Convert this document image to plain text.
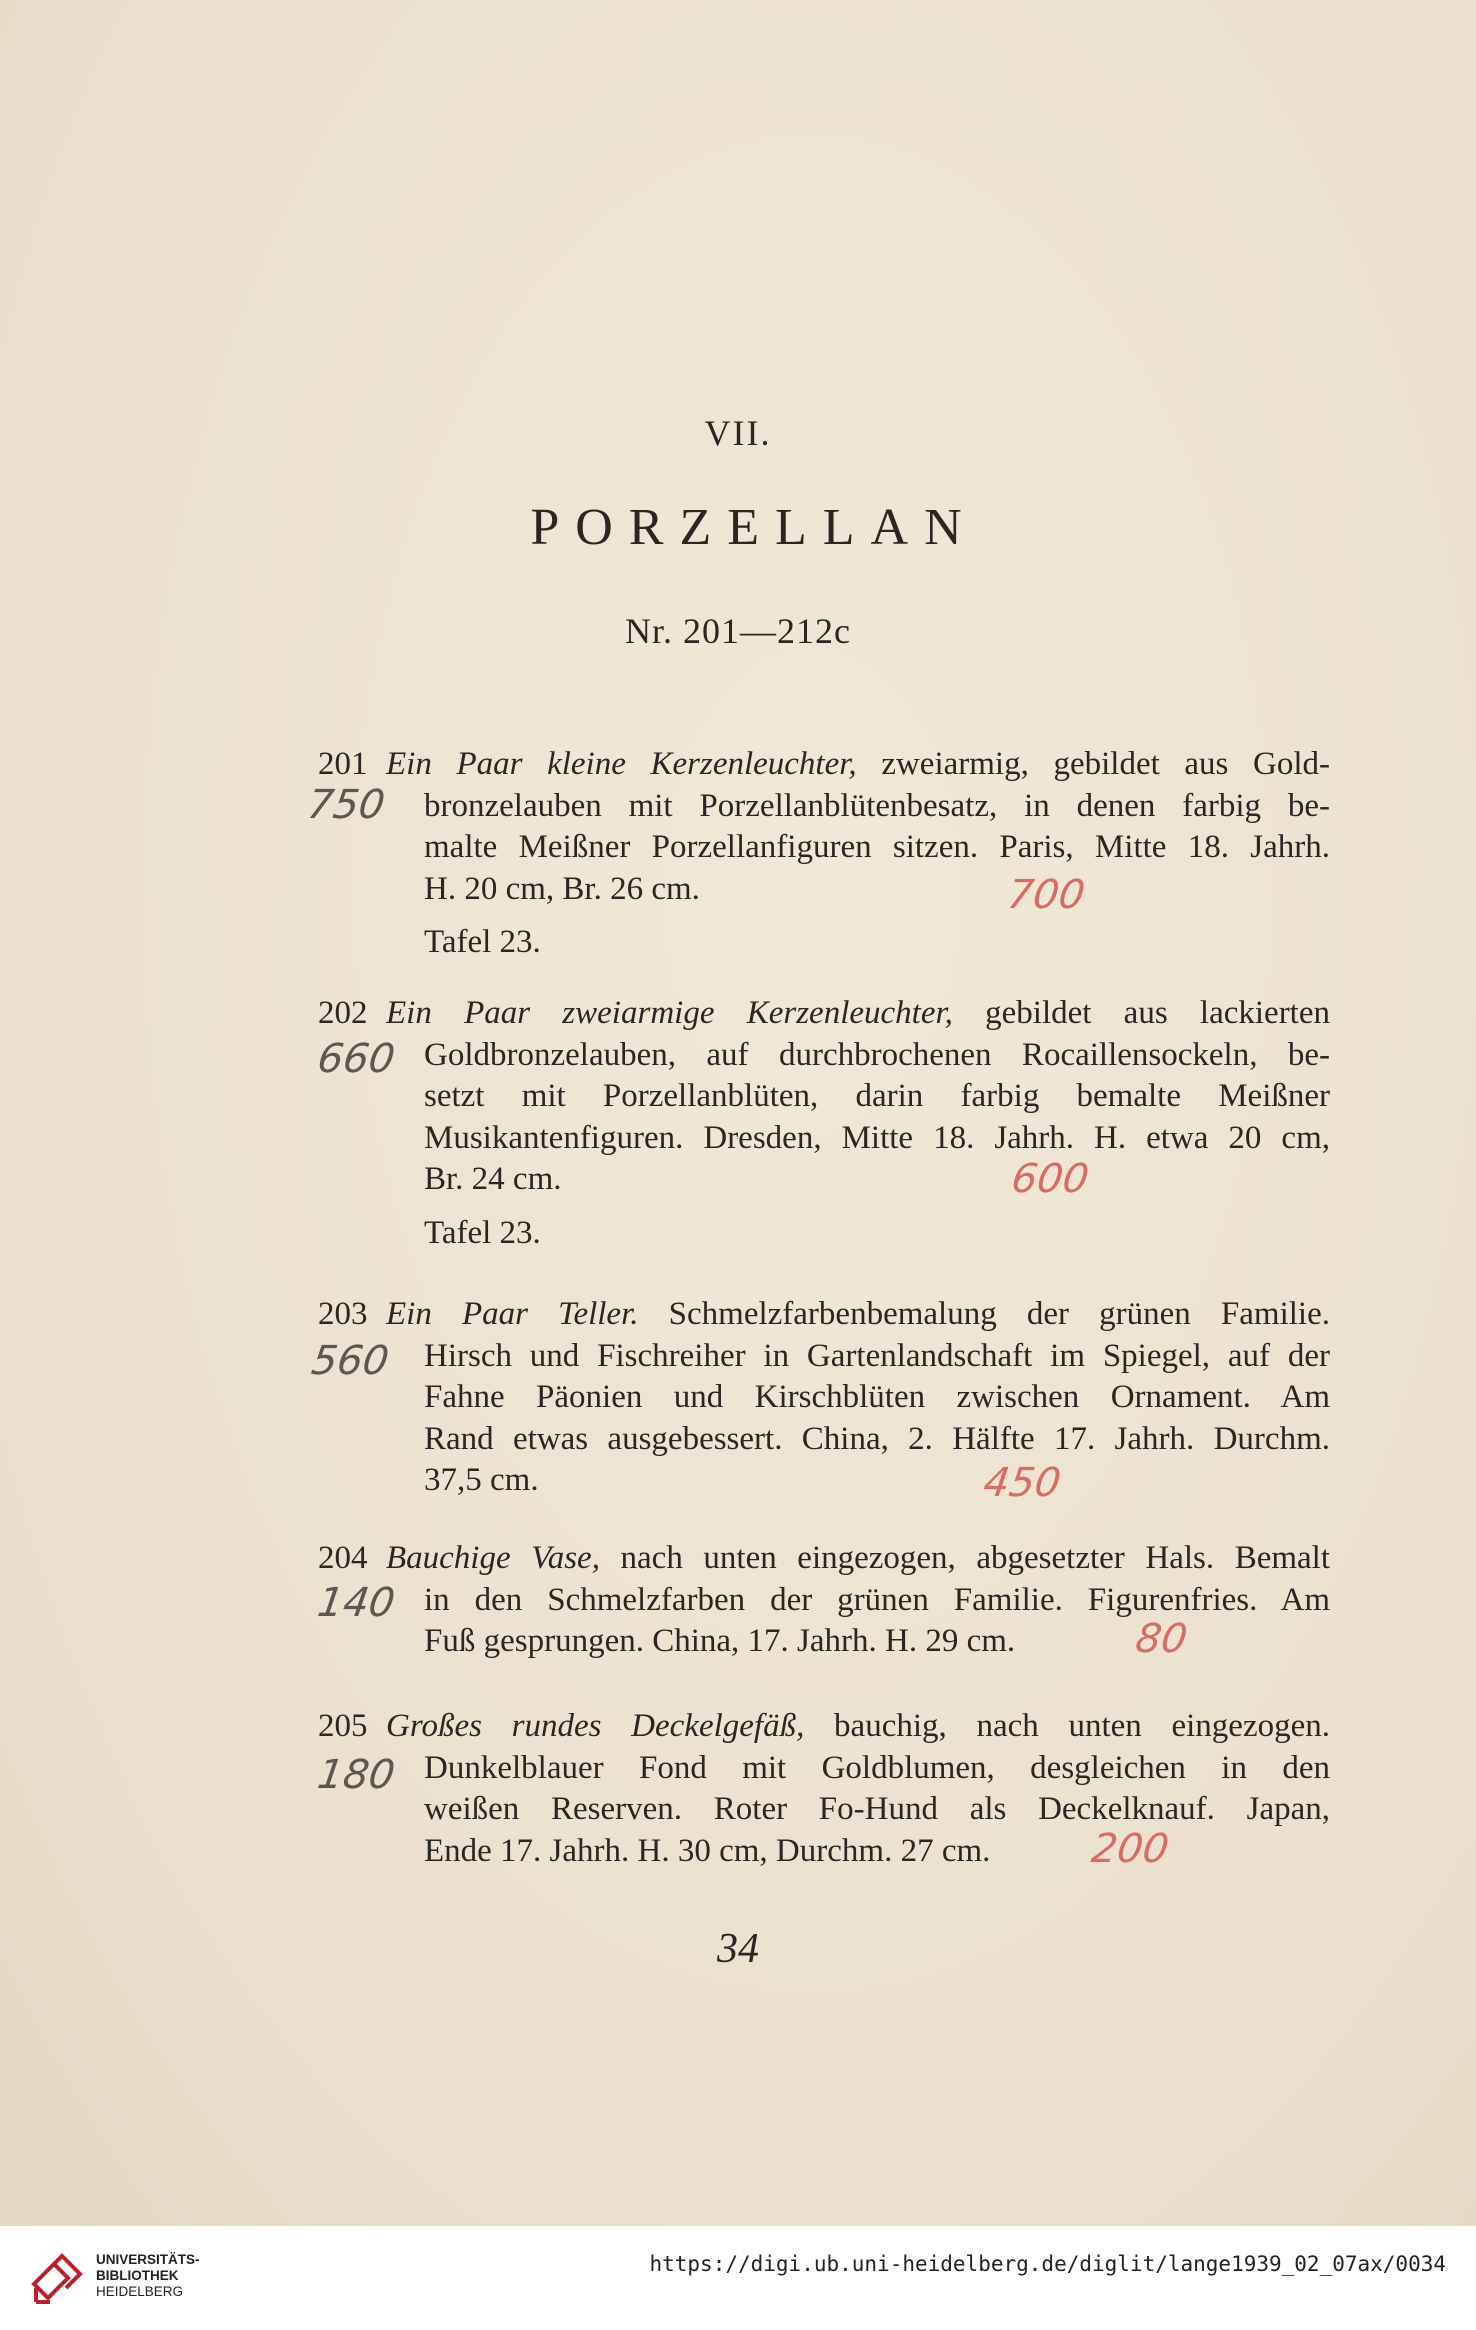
VII.
PORZELLAN
Nr. 201—212c
201 Ein Paar kleine Kerzenleuchter, zweiarmig, gebildet aus Gold-
bronzelauben mit Porzellanblütenbesatz, in denen farbig be-
malte Meißner Porzellanfiguren sitzen. Paris, Mitte 18. Jahrh.
H. 20 cm, Br. 26 cm.
Tafel 23.
750
700
202 Ein Paar zweiarmige Kerzenleuchter, gebildet aus lackierten
Goldbronzelauben, auf durchbrochenen Rocaillensockeln, be-
setzt mit Porzellanblüten, darin farbig bemalte Meißner
Musikantenfiguren. Dresden, Mitte 18. Jahrh. H. etwa 20 cm,
Br. 24 cm.
Tafel 23.
660
600
203 Ein Paar Teller. Schmelzfarbenbemalung der grünen Familie.
Hirsch und Fischreiher in Gartenlandschaft im Spiegel, auf der
Fahne Päonien und Kirschblüten zwischen Ornament. Am
Rand etwas ausgebessert. China, 2. Hälfte 17. Jahrh. Durchm.
37,5 cm.
560
450
204 Bauchige Vase, nach unten eingezogen, abgesetzter Hals. Bemalt
in den Schmelzfarben der grünen Familie. Figurenfries. Am
Fuß gesprungen. China, 17. Jahrh. H. 29 cm.
140
80
205 Großes rundes Deckelgefäß, bauchig, nach unten eingezogen.
Dunkelblauer Fond mit Goldblumen, desgleichen in den
weißen Reserven. Roter Fo-Hund als Deckelknauf. Japan,
Ende 17. Jahrh. H. 30 cm, Durchm. 27 cm.
180
200
34
UNIVERSITÄTS-
BIBLIOTHEK
HEIDELBERG
https://digi.ub.uni-heidelberg.de/diglit/lange1939_02_07ax/0034
